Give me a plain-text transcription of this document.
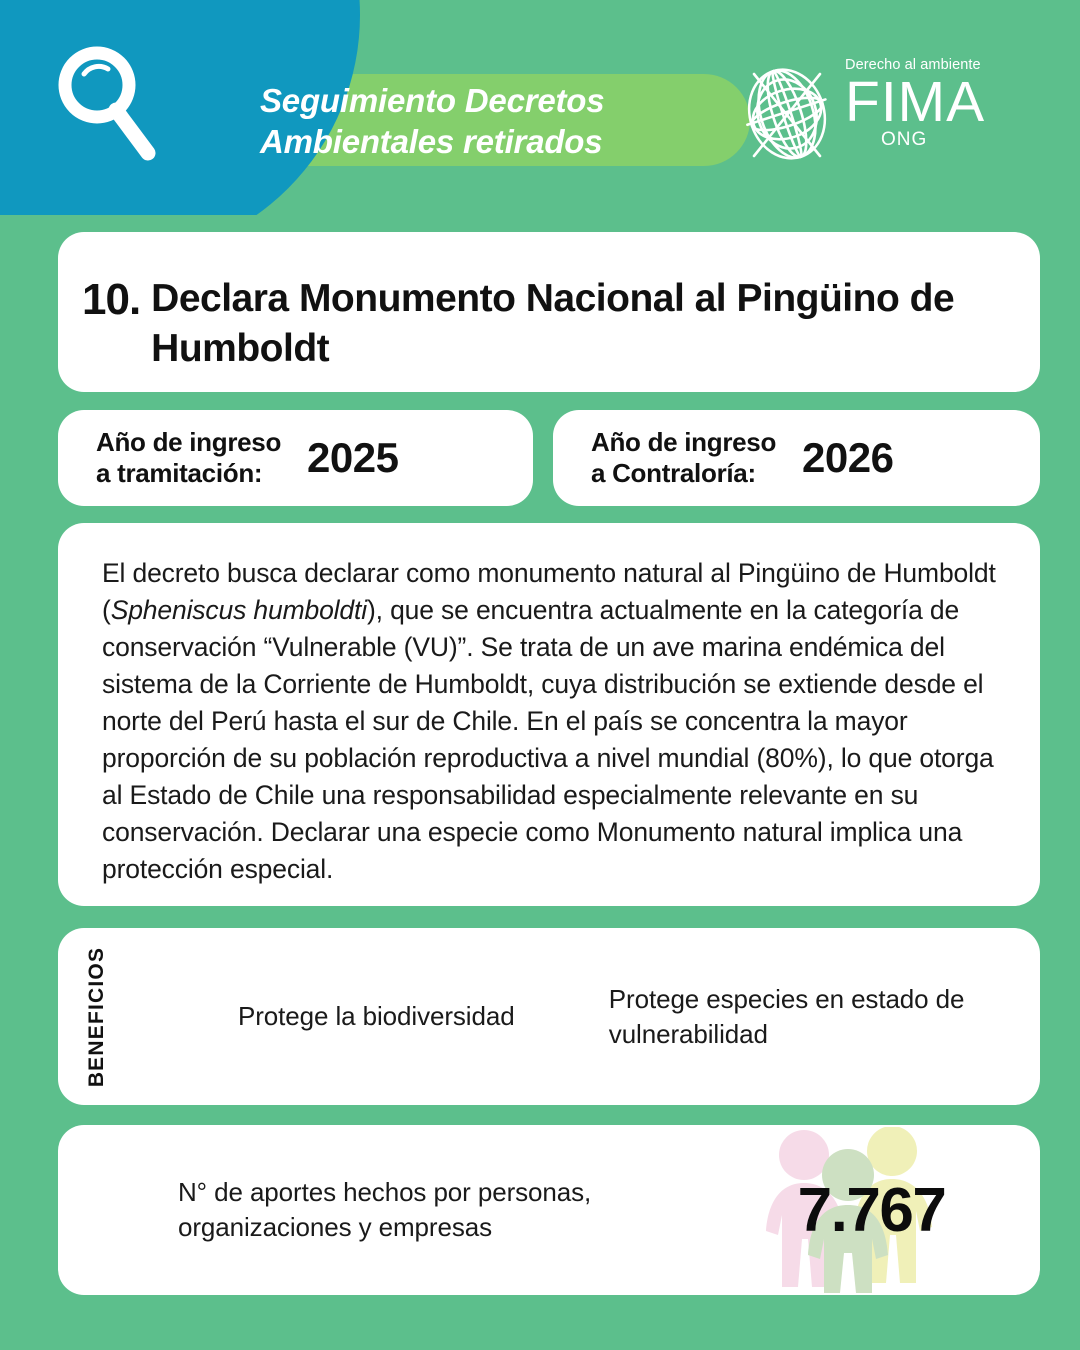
Seguimiento Decretos
Ambientales retirados
Derecho al ambiente
FIMA
ONG
10. Declara Monumento Nacional al Pingüino de Humboldt
Año de ingreso
a tramitación:	2025	Año de ingreso
a Contraloría:	2026
El decreto busca declarar como monumento natural al Pingüino de Humboldt (Spheniscus humboldti), que se encuentra actualmente en la categoría de conservación “Vulnerable (VU)”. Se trata de un ave marina endémica del sistema de la Corriente de Humboldt, cuya distribución se extiende desde el norte del Perú hasta el sur de Chile. En el país se concentra la mayor proporción de su población reproductiva a nivel mundial (80%), lo que otorga al Estado de Chile una responsabilidad especialmente relevante en su conservación. Declarar una especie como Monumento natural implica una protección especial.
BENEFICIOS	Protege la biodiversidad
Protege especies en estado de vulnerabilidad
N° de aportes hechos por personas, organizaciones y empresas	7.767
